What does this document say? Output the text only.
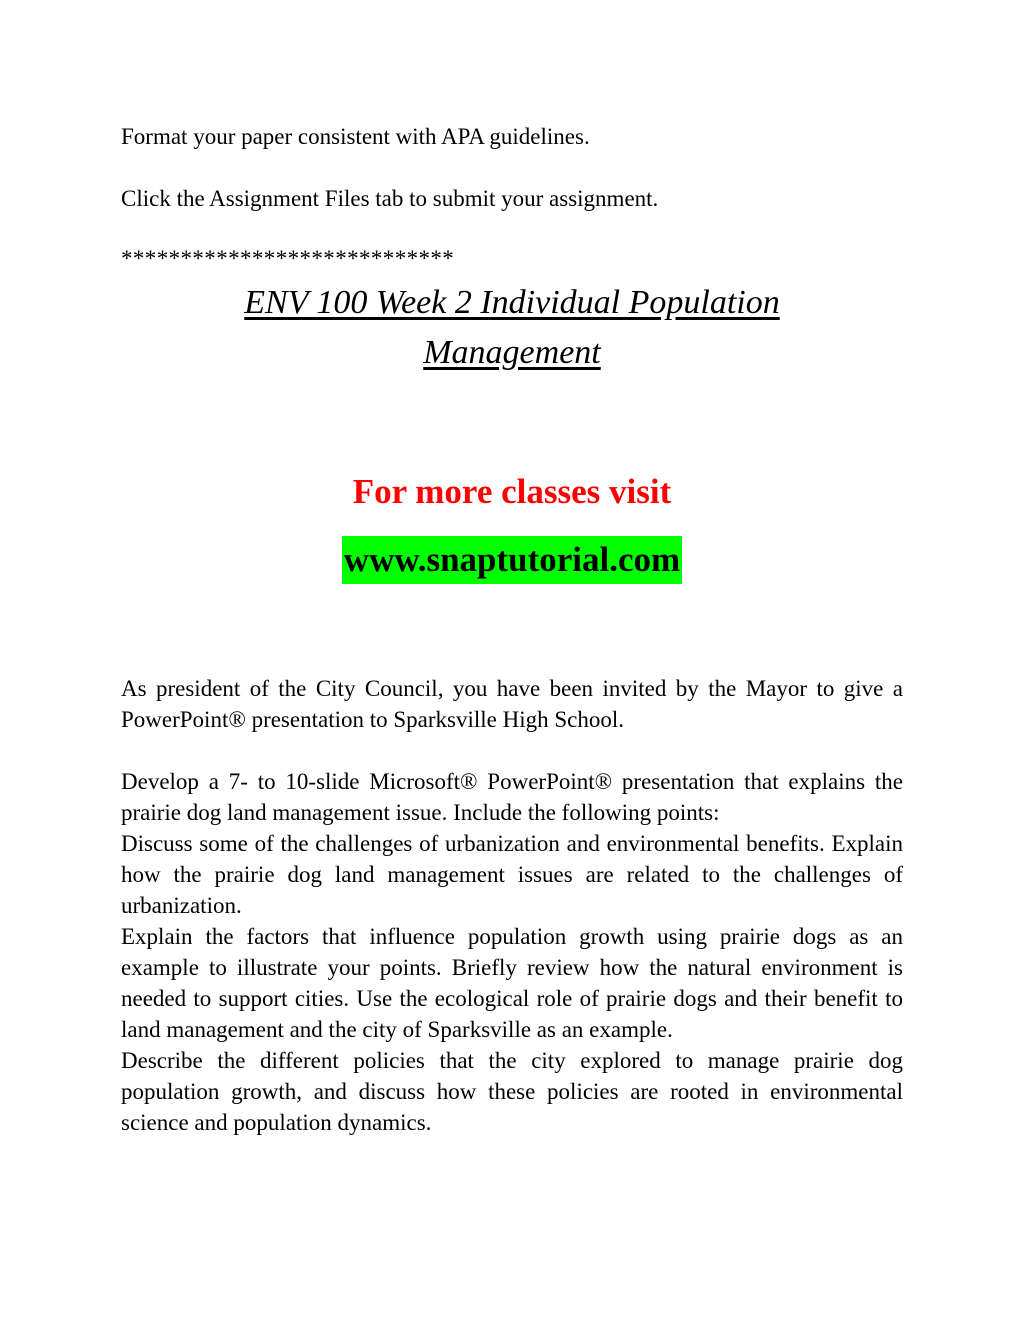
Format your paper consistent with APA guidelines.
Click the Assignment Files tab to submit your assignment.
****************************
ENV 100 Week 2 Individual Population
Management
For more classes visit
www.snaptutorial.com
As president of the City Council, you have been invited by the Mayor to give a PowerPoint® presentation to Sparksville High School.
Develop a 7- to 10-slide Microsoft® PowerPoint® presentation that explains the prairie dog land management issue. Include the following points:
Discuss some of the challenges of urbanization and environmental benefits. Explain how the prairie dog land management issues are related to the challenges of urbanization.
Explain the factors that influence population growth using prairie dogs as an example to illustrate your points. Briefly review how the natural environment is needed to support cities. Use the ecological role of prairie dogs and their benefit to land management and the city of Sparksville as an example.
Describe the different policies that the city explored to manage prairie dog population growth, and discuss how these policies are rooted in environmental science and population dynamics.
